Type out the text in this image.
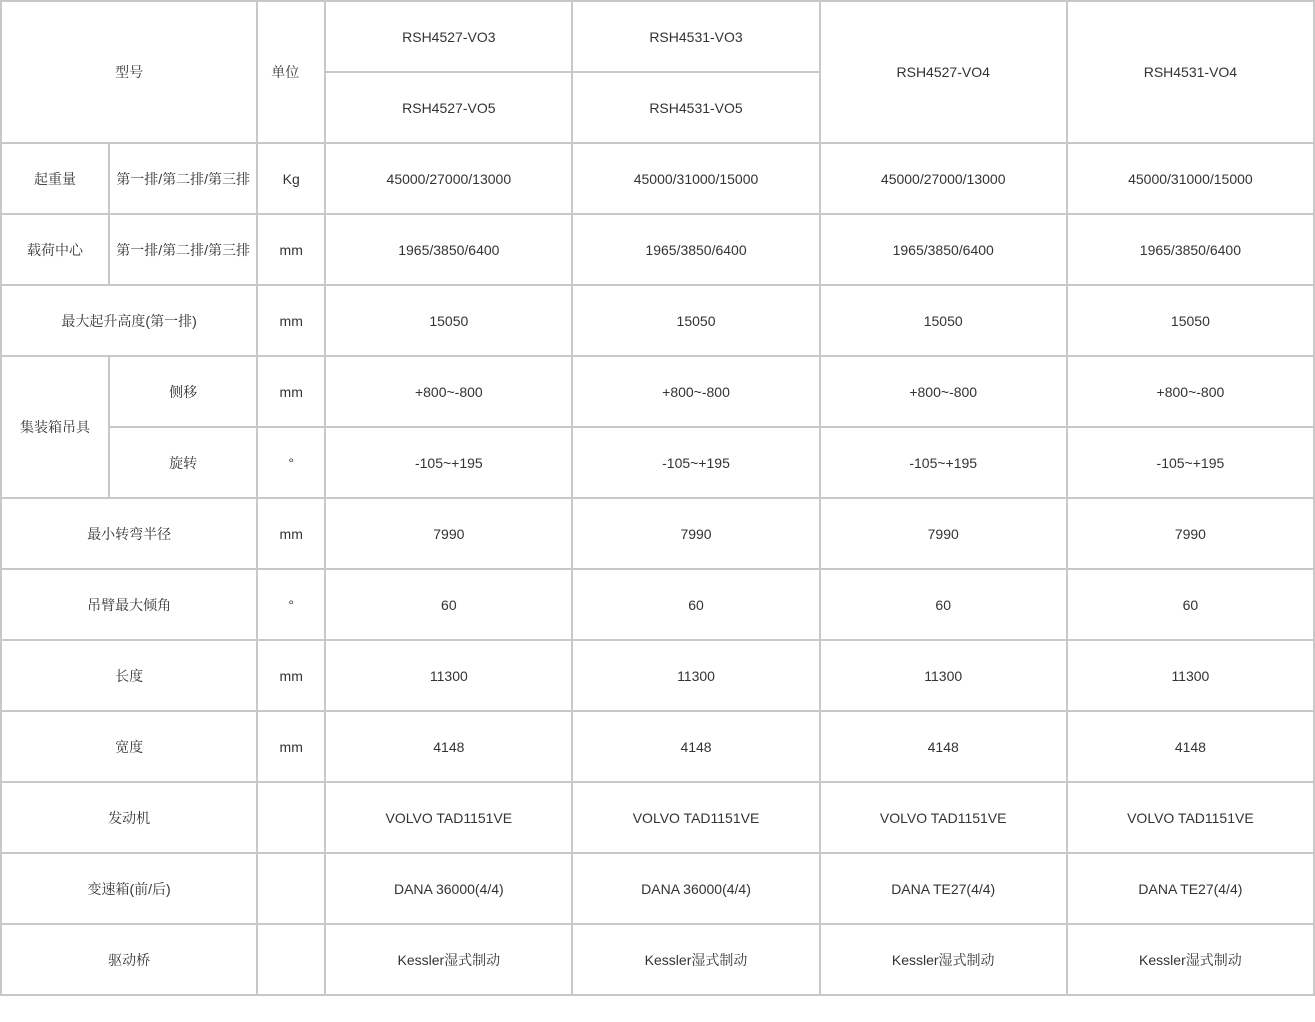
型号		单位	RSH4527-VO3	RSH4531-VO3	RSH4527-VO4	RSH4531-VO4
			RSH4527-VO5	RSH4531-VO5		
起重量	第一排/第二排/第三排	Kg	45000/27000/13000	45000/31000/15000	45000/27000/13000	45000/31000/15000
载荷中心	第一排/第二排/第三排	mm	1965/3850/6400	1965/3850/6400	1965/3850/6400	1965/3850/6400
最大起升高度(第一排)		mm	15050	15050	15050	15050
集装箱吊具	侧移	mm	+800~-800	+800~-800	+800~-800	+800~-800
	旋转	°	-105~+195	-105~+195	-105~+195	-105~+195
最小转弯半径		mm	7990	7990	7990	7990
吊臂最大倾角		°	60	60	60	60
长度		mm	11300	11300	11300	11300
宽度		mm	4148	4148	4148	4148
发动机			VOLVO TAD1151VE	VOLVO TAD1151VE	VOLVO TAD1151VE	VOLVO TAD1151VE
变速箱(前/后)			DANA 36000(4/4)	DANA 36000(4/4)	DANA TE27(4/4)	DANA TE27(4/4)
驱动桥			Kessler湿式制动	Kessler湿式制动	Kessler湿式制动	Kessler湿式制动
